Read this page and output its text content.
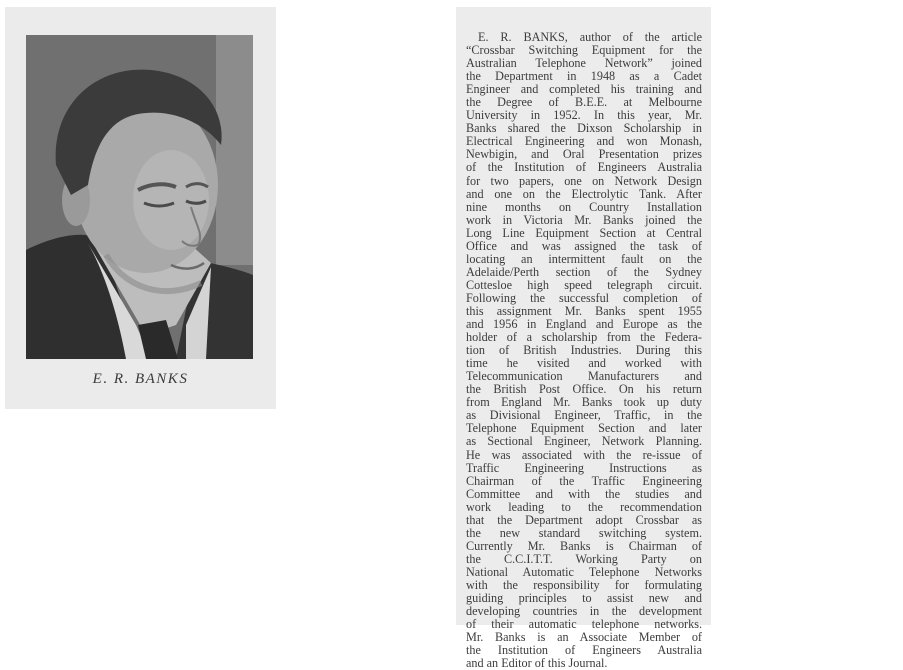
E. R. BANKS
E. R. BANKS, author of the article
“Crossbar Switching Equipment for the
Australian Telephone Network” joined
the Department in 1948 as a Cadet
Engineer and completed his training and
the Degree of B.E.E. at Melbourne
University in 1952. In this year, Mr.
Banks shared the Dixson Scholarship in
Electrical Engineering and won Monash,
Newbigin, and Oral Presentation prizes
of the Institution of Engineers Australia
for two papers, one on Network Design
and one on the Electrolytic Tank. After
nine months on Country Installation
work in Victoria Mr. Banks joined the
Long Line Equipment Section at Central
Office and was assigned the task of
locating an intermittent fault on the
Adelaide/Perth section of the Sydney
Cottesloe high speed telegraph circuit.
Following the successful completion of
this assignment Mr. Banks spent 1955
and 1956 in England and Europe as the
holder of a scholarship from the Federa-
tion of British Industries. During this
time he visited and worked with
Telecommunication Manufacturers and
the British Post Office. On his return
from England Mr. Banks took up duty
as Divisional Engineer, Traffic, in the
Telephone Equipment Section and later
as Sectional Engineer, Network Planning.
He was associated with the re-issue of
Traffic Engineering Instructions as
Chairman of the Traffic Engineering
Committee and with the studies and
work leading to the recommendation
that the Department adopt Crossbar as
the new standard switching system.
Currently Mr. Banks is Chairman of
the C.C.I.T.T. Working Party on
National Automatic Telephone Networks
with the responsibility for formulating
guiding principles to assist new and
developing countries in the development
of their automatic telephone networks.
Mr. Banks is an Associate Member of
the Institution of Engineers Australia
and an Editor of this Journal.
